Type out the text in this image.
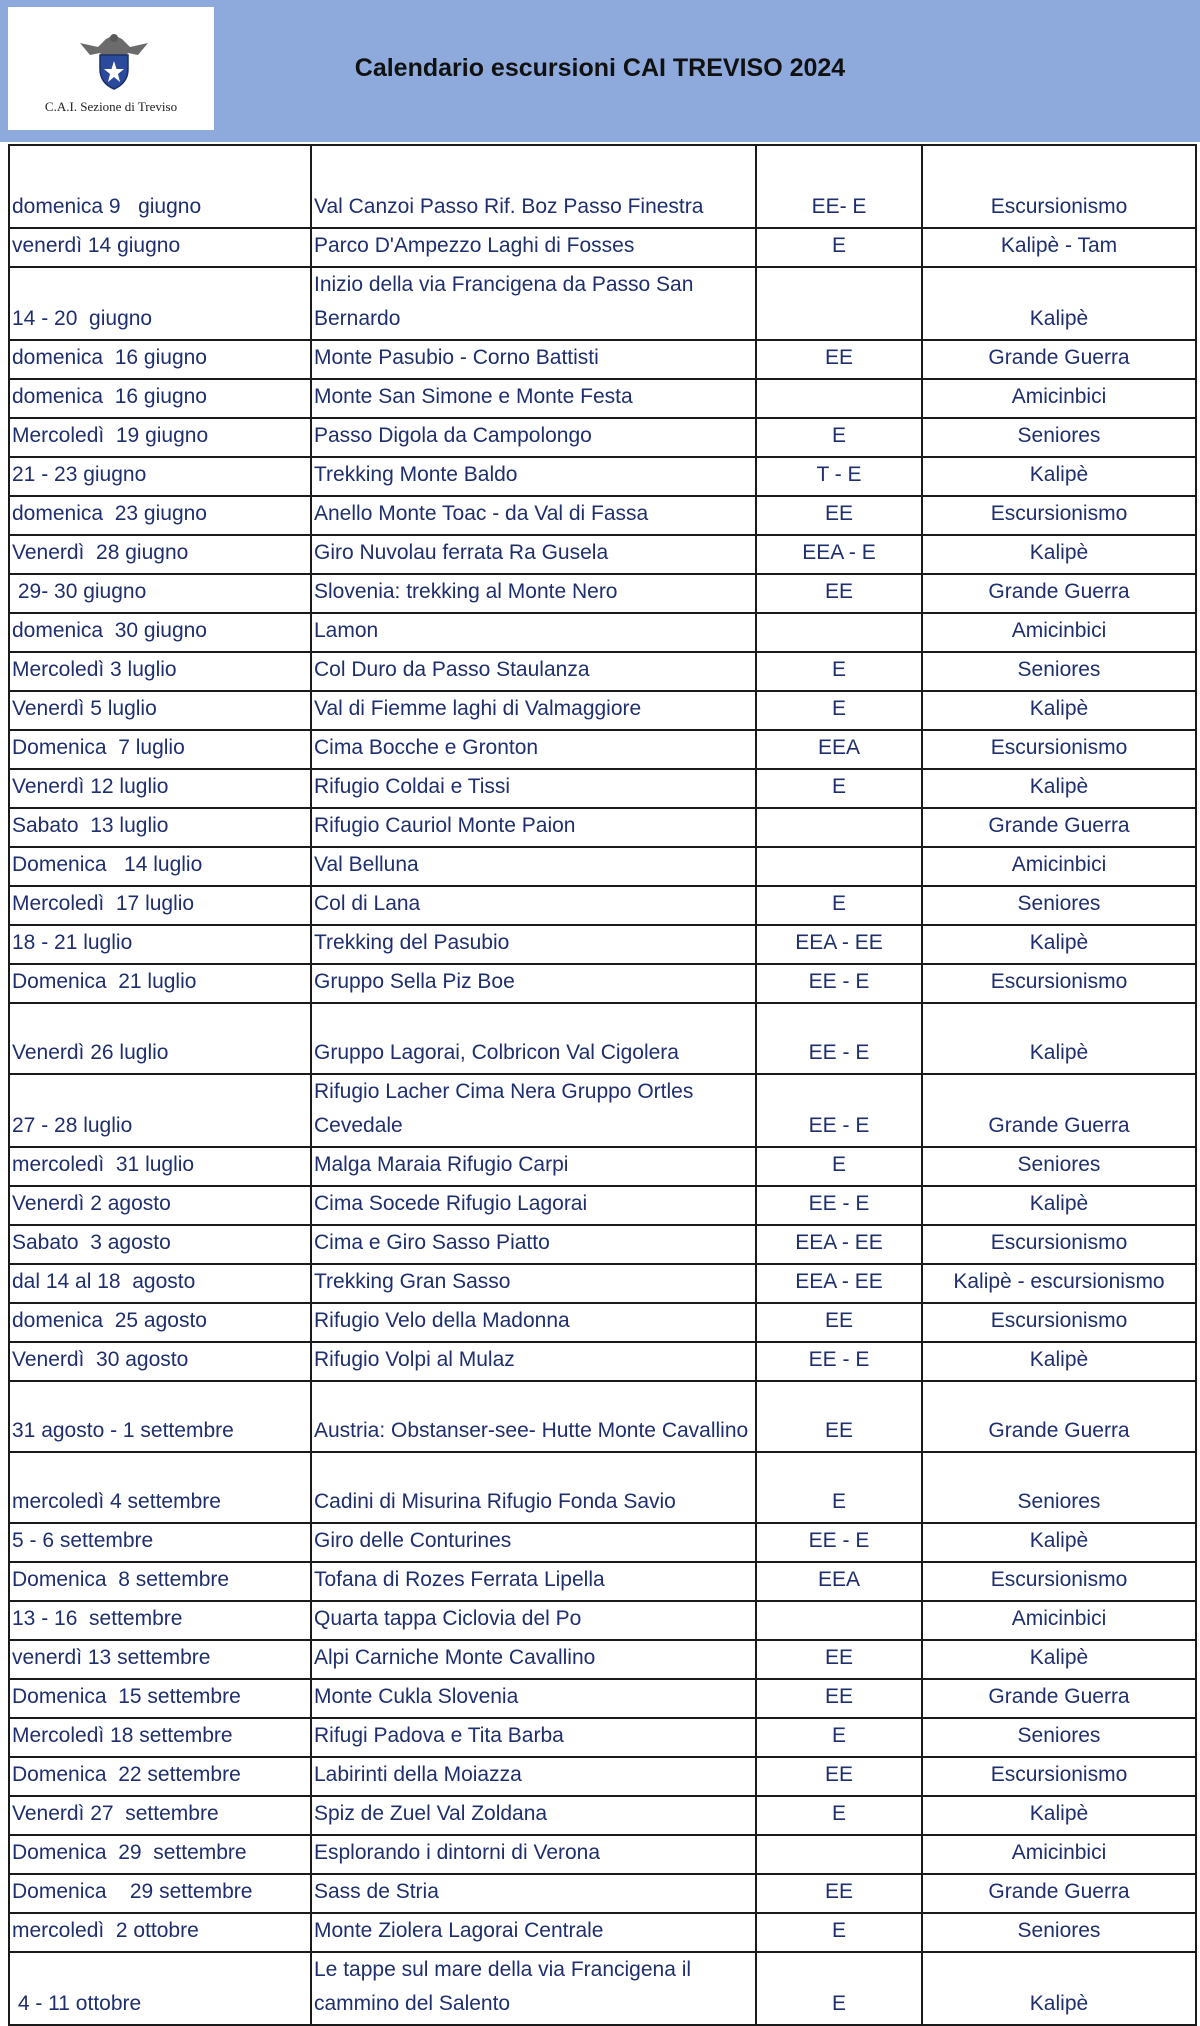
C.A.I. Sezione di Treviso
Calendario escursioni CAI TREVISO 2024
domenica 9   giugno	Val Canzoi Passo Rif. Boz Passo Finestra	EE- E	Escursionismo
venerdì 14 giugno	Parco D'Ampezzo Laghi di Fosses	E	Kalipè - Tam
14 - 20  giugno	Inizio della via Francigena da Passo San Bernardo		Kalipè
domenica  16 giugno	Monte Pasubio - Corno Battisti	EE	Grande Guerra
domenica  16 giugno	Monte San Simone e Monte Festa		Amicinbici
Mercoledì  19 giugno	Passo Digola da Campolongo	E	Seniores
21 - 23 giugno	Trekking Monte Baldo	T - E	Kalipè
domenica  23 giugno	Anello Monte Toac - da Val di Fassa	EE	Escursionismo
Venerdì  28 giugno	Giro Nuvolau ferrata Ra Gusela	EEA - E	Kalipè
29- 30 giugno	Slovenia: trekking al Monte Nero	EE	Grande Guerra
domenica  30 giugno	Lamon		Amicinbici
Mercoledì 3 luglio	Col Duro da Passo Staulanza	E	Seniores
Venerdì 5 luglio	Val di Fiemme laghi di Valmaggiore	E	Kalipè
Domenica  7 luglio	Cima Bocche e Gronton	EEA	Escursionismo
Venerdì 12 luglio	Rifugio Coldai e Tissi	E	Kalipè
Sabato  13 luglio	Rifugio Cauriol Monte Paion		Grande Guerra
Domenica   14 luglio	Val Belluna		Amicinbici
Mercoledì  17 luglio	Col di Lana	E	Seniores
18 - 21 luglio	Trekking del Pasubio	EEA - EE	Kalipè
Domenica  21 luglio	Gruppo Sella Piz Boe	EE - E	Escursionismo
Venerdì 26 luglio	Gruppo Lagorai, Colbricon Val Cigolera	EE - E	Kalipè
27 - 28 luglio	Rifugio Lacher Cima Nera Gruppo Ortles Cevedale	EE - E	Grande Guerra
mercoledì  31 luglio	Malga Maraia Rifugio Carpi	E	Seniores
Venerdì 2 agosto	Cima Socede Rifugio Lagorai	EE - E	Kalipè
Sabato  3 agosto	Cima e Giro Sasso Piatto	EEA - EE	Escursionismo
dal 14 al 18  agosto	Trekking Gran Sasso	EEA - EE	Kalipè - escursionismo
domenica  25 agosto	Rifugio Velo della Madonna	EE	Escursionismo
Venerdì  30 agosto	Rifugio Volpi al Mulaz	EE - E	Kalipè
31 agosto - 1 settembre	Austria: Obstanser-see- Hutte Monte Cavallino	EE	Grande Guerra
mercoledì 4 settembre	Cadini di Misurina Rifugio Fonda Savio	E	Seniores
5 - 6 settembre	Giro delle Conturines	EE - E	Kalipè
Domenica  8 settembre	Tofana di Rozes Ferrata Lipella	EEA	Escursionismo
13 - 16  settembre	Quarta tappa Ciclovia del Po		Amicinbici
venerdì 13 settembre	Alpi Carniche Monte Cavallino	EE	Kalipè
Domenica  15 settembre	Monte Cukla Slovenia	EE	Grande Guerra
Mercoledì 18 settembre	Rifugi Padova e Tita Barba	E	Seniores
Domenica  22 settembre	Labirinti della Moiazza	EE	Escursionismo
Venerdì 27  settembre	Spiz de Zuel Val Zoldana	E	Kalipè
Domenica  29  settembre	Esplorando i dintorni di Verona		Amicinbici
Domenica    29 settembre	Sass de Stria	EE	Grande Guerra
mercoledì  2 ottobre	Monte Ziolera Lagorai Centrale	E	Seniores
4 - 11 ottobre	Le tappe sul mare della via Francigena il cammino del Salento	E	Kalipè
